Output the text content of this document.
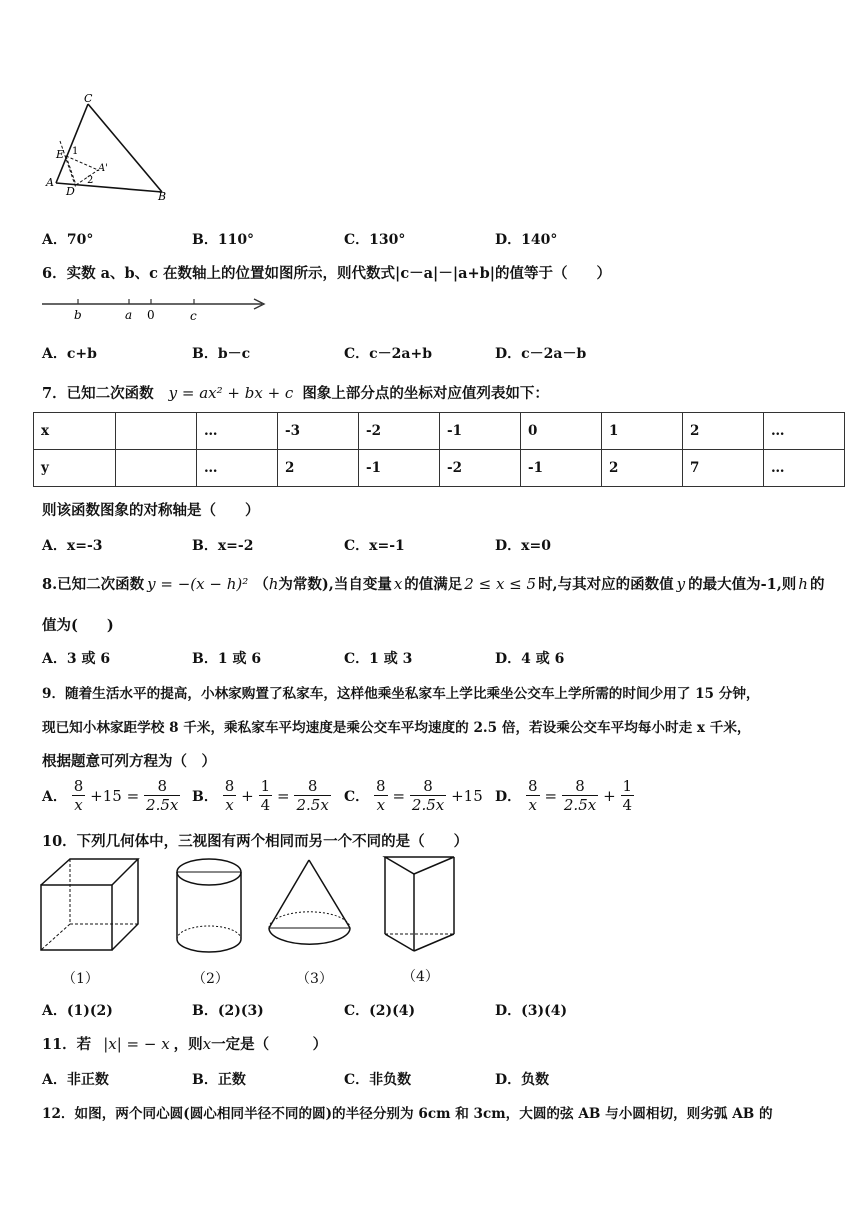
C
E 1
A'
2
A
D	B
A．70°	B．110°	C．130°	D．140°
6．实数 a、b、c 在数轴上的位置如图所示，则代数式|c－a|－|a+b|的值等于（　　）
b	a 0	c
A．c+b	B．b－c	C．c－2a+b	D．c－2a－b
7．已知二次函数 y = ax² + bx + c 图象上部分点的坐标对应值列表如下：
x		…	-3	-2	-1	0	1	2	…
y		…	2	-1	-2	-1	2	7	…
则该函数图象的对称轴是（　　）
A．x=-3	B．x=-2	C．x=-1	D．x=0
8.已知二次函数 y = −(x − h)² （h为常数),当自变量 x 的值满足 2 ≤ x ≤ 5 时,与其对应的函数值 y 的最大值为-1,则 h 的
值为(　　)
A．3 或 6	B．1 或 6	C．1 或 3	D．4 或 6
9．随着生活水平的提高，小林家购置了私家车，这样他乘坐私家车上学比乘坐公交车上学所需的时间少用了 15 分钟，
现已知小林家距学校 8 千米，乘私家车平均速度是乘公交车平均速度的 2.5 倍，若设乘公交车平均每小时走 x 千米，
根据题意可列方程为（　）
A． $\frac{8}{x} +15 = \frac{8}{2.5x}$ B． $\frac{8}{x} + \frac{1}{4} = \frac{8}{2.5x}$ C． $\frac{8}{x} = \frac{8}{2.5x} +15$ D． $\frac{8}{x} = \frac{8}{2.5x} + \frac{1}{4}$
10．下列几何体中，三视图有两个相同而另一个不同的是（　　）
（1）	（2）	（3）	（4）
A．(1)(2)	B．(2)(3)	C．(2)(4)	D．(3)(4)
11．若 |x| = − x ，则x一定是（　　　）
A．非正数	B．正数	C．非负数	D．负数
12．如图，两个同心圆(圆心相同半径不同的圆)的半径分别为 6cm 和 3cm，大圆的弦 AB 与小圆相切，则劣弧 AB 的
